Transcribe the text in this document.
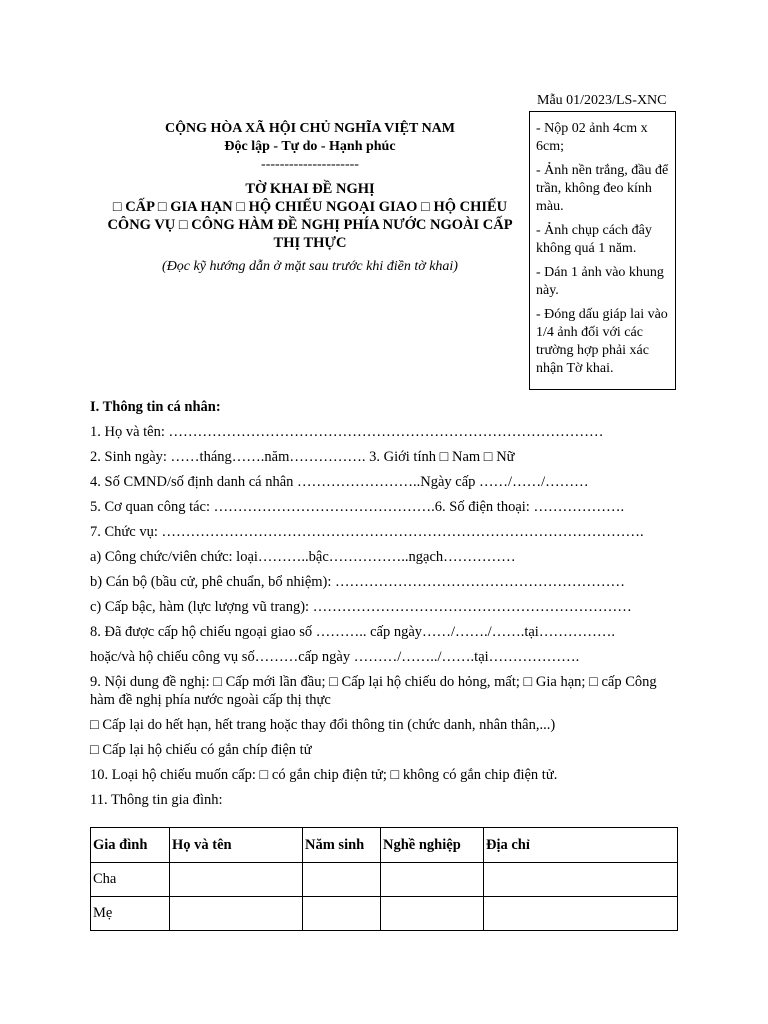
Mẫu 01/2023/LS-XNC
CỘNG HÒA XÃ HỘI CHỦ NGHĨA VIỆT NAM
Độc lập - Tự do - Hạnh phúc
---------------------
TỜ KHAI ĐỀ NGHỊ
□ CẤP □ GIA HẠN □ HỘ CHIẾU NGOẠI GIAO □ HỘ CHIẾU
CÔNG VỤ □ CÔNG HÀM ĐỀ NGHỊ PHÍA NƯỚC NGOÀI CẤP
THỊ THỰC
(Đọc kỹ hướng dẫn ở mặt sau trước khi điền tờ khai)

- Nộp 02 ảnh 4cm x 6cm;

- Ảnh nền trắng, đầu để trần, không đeo kính màu.

- Ảnh chụp cách đây không quá 1 năm.

- Dán 1 ảnh vào khung này.

- Đóng dấu giáp lai vào 1/4 ảnh đối với các trường hợp phải xác nhận Tờ khai.

I. Thông tin cá nhân:
1. Họ và tên: ………………………………………………………………………………
2. Sinh ngày: ……tháng…….năm……………. 3. Giới tính □ Nam □ Nữ
4. Số CMND/số định danh cá nhân ……………………..Ngày cấp ……/……/………
5. Cơ quan công tác: ……………………………………….6. Số điện thoại: ……………….
7. Chức vụ: ……………………………………………………………………………………….
a) Công chức/viên chức: loại………..bậc……………..ngạch……………
b) Cán bộ (bầu cử, phê chuẩn, bổ nhiệm): ……………………………………………………
c) Cấp bậc, hàm (lực lượng vũ trang): …………………………………………………………
8. Đã được cấp hộ chiếu ngoại giao số ……….. cấp ngày……/……./…….tại…………….
hoặc/và hộ chiếu công vụ số………cấp ngày ………/……../…….tại……………….
9. Nội dung đề nghị: □ Cấp mới lần đầu; □ Cấp lại hộ chiếu do hỏng, mất; □ Gia hạn; □ cấp Công hàm đề nghị phía nước ngoài cấp thị thực
□ Cấp lại do hết hạn, hết trang hoặc thay đổi thông tin (chức danh, nhân thân,...)
□ Cấp lại hộ chiếu có gắn chíp điện tử
10. Loại hộ chiếu muốn cấp: □ có gắn chip điện tử; □ không có gắn chip điện tử.
11. Thông tin gia đình:
Gia đình	Họ và tên	Năm sinh	Nghề nghiệp	Địa chỉ
Cha				
Mẹ				
